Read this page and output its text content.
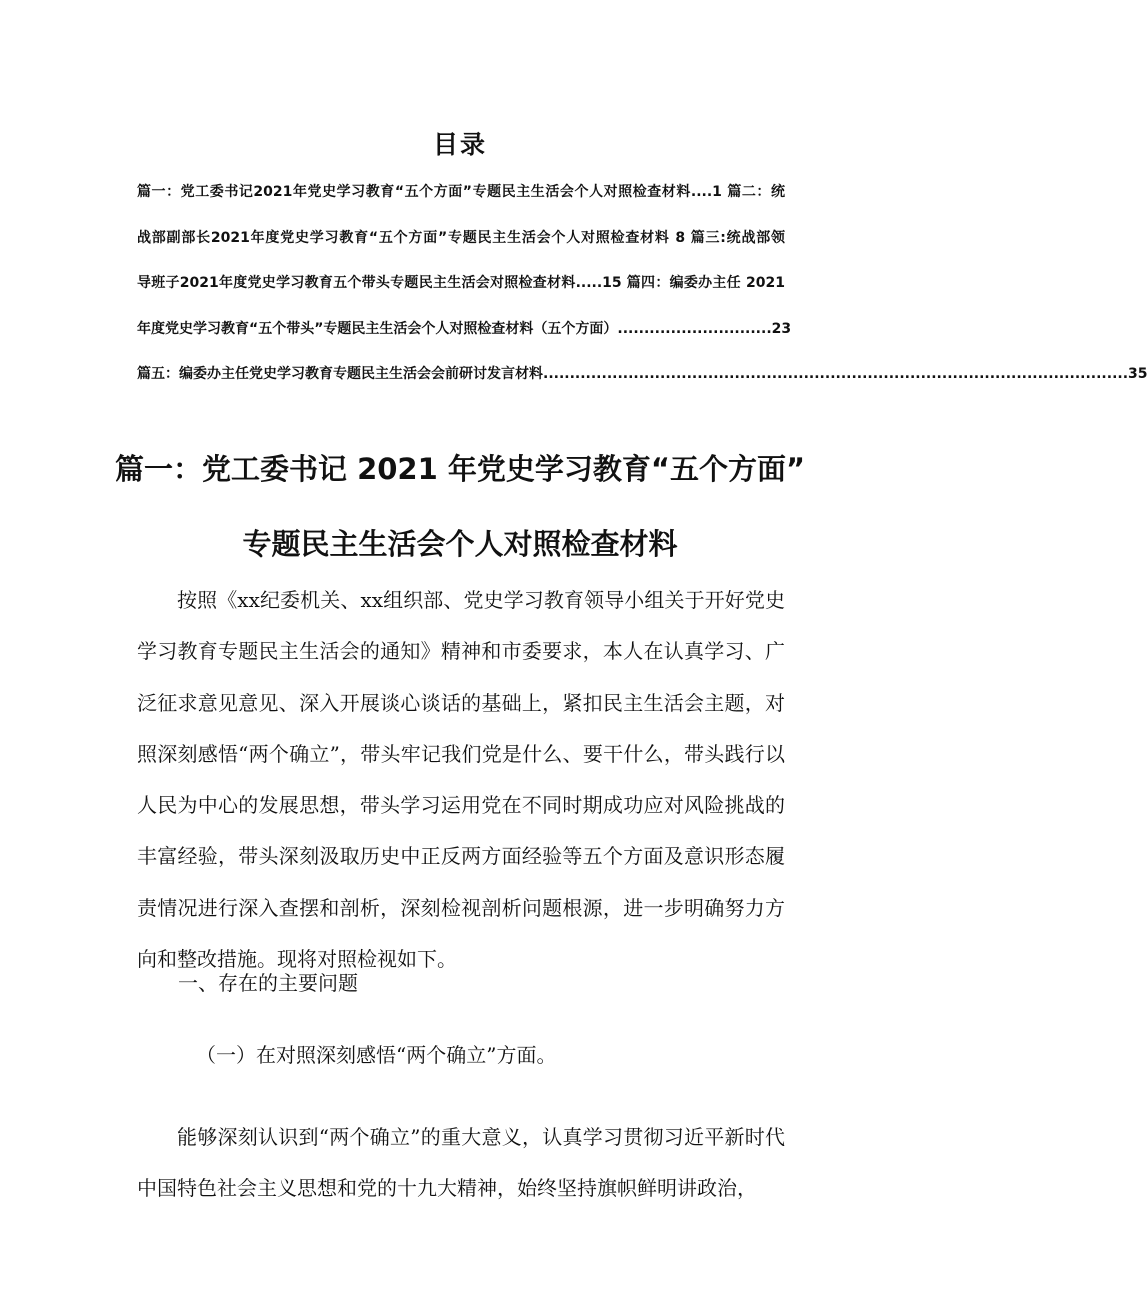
目录
篇一：党工委书记2021年党史学习教育“五个方面”专题民主生活会个人对照检查材料....1 篇二：统
战部副部长2021年度党史学习教育“五个方面”专题民主生活会个人对照检查材料 8 篇三:统战部领
导班子2021年度党史学习教育五个带头专题民主生活会对照检查材料.....15 篇四：编委办主任 2021
年度党史学习教育“五个带头”专题民主生活会个人对照检查材料（五个方面）.............................23
篇五：编委办主任党史学习教育专题民主生活会会前研讨发言材料 .............................................................................................................. 35
篇一：党工委书记 2021 年党史学习教育“五个方面”
专题民主生活会个人对照检查材料

按照《xx纪委机关、xx组织部、党史学习教育领导小组关于开好党史学习教育专题民主生活会的通知》精神和市委要求，本人在认真学习、广泛征求意见意见、深入开展谈心谈话的基础上，紧扣民主生活会主题，对照深刻感悟“两个确立”，带头牢记我们党是什么、要干什么，带头践行以人民为中心的发展思想，带头学习运用党在不同时期成功应对风险挑战的丰富经验，带头深刻汲取历史中正反两方面经验等五个方面及意识形态履责情况进行深入查摆和剖析，深刻检视剖析问题根源，进一步明确努力方向和整改措施。现将对照检视如下。

一、存在的主要问题
（一）在对照深刻感悟“两个确立”方面。
能够深刻认识到“两个确立”的重大意义，认真学习贯彻习近平新时代中国特色社会主义思想和党的十九大精神，始终坚持旗帜鲜明讲政治，
